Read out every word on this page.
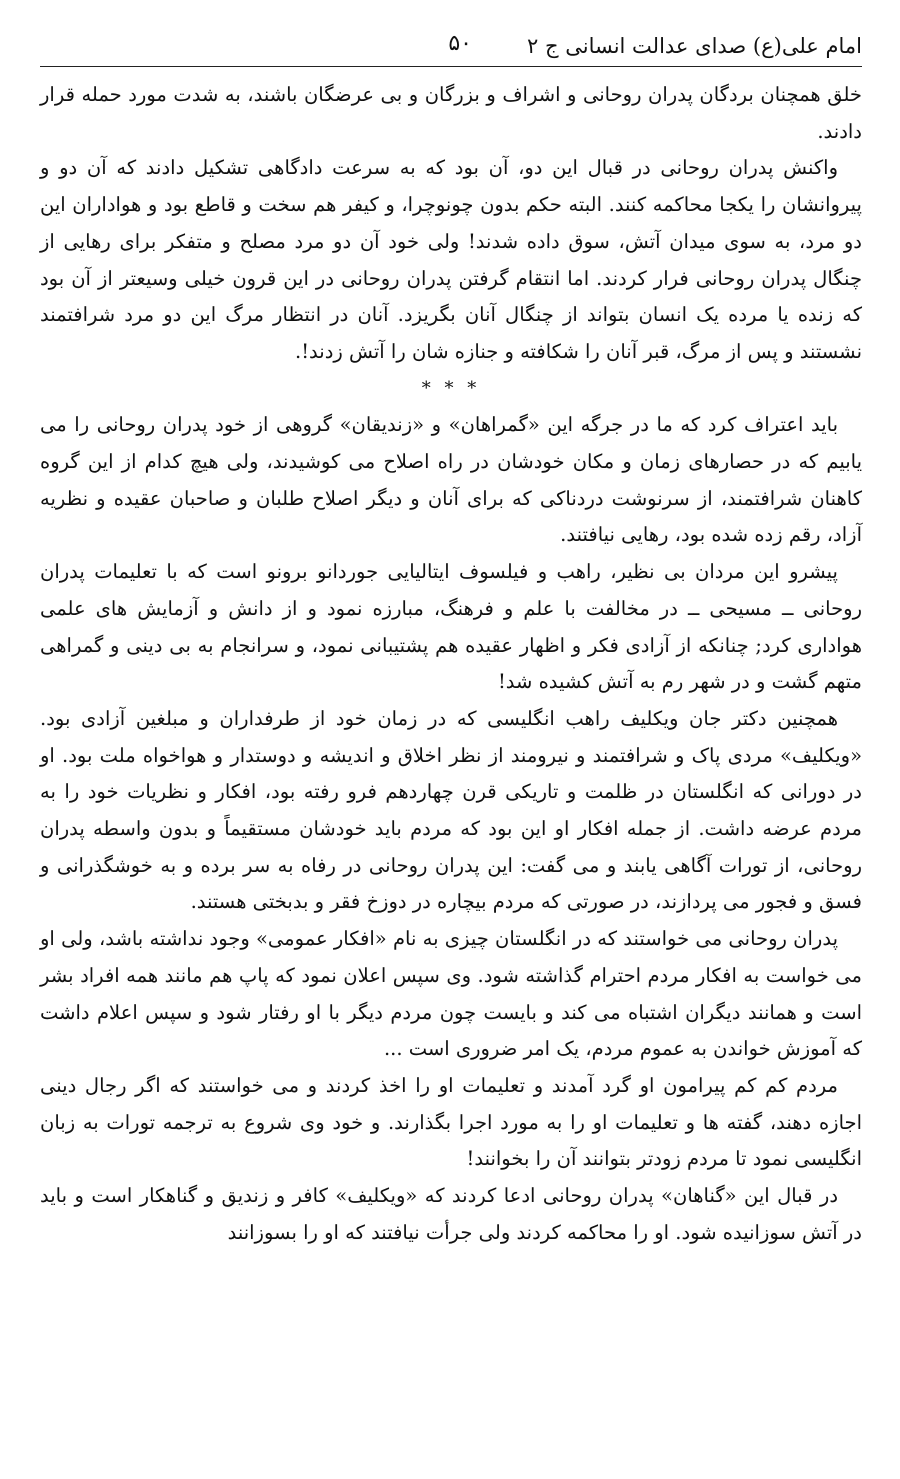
امام علی(ع) صدای عدالت انسانی ج ۲
۵۰

خلق همچنان بردگان پدران روحانی و اشراف و بزرگان و بی عرضگان باشند، به شدت مورد حمله قرار دادند.

واکنش پدران روحانی در قبال این دو، آن بود که به سرعت دادگاهی تشکیل دادند که آن دو و پیروانشان را یکجا محاکمه کنند. البته حکم بدون چونوچرا، و کیفر هم سخت و قاطع بود و هواداران این دو مرد، به سوی میدان آتش، سوق داده شدند! ولی خود آن دو مرد مصلح و متفکر برای رهایی از چنگال پدران روحانی فرار کردند. اما انتقام گرفتن پدران روحانی در این قرون خیلی وسیعتر از آن بود که زنده یا مرده یک انسان بتواند از چنگال آنان بگریزد. آنان در انتظار مرگ این دو مرد شرافتمند نشستند و پس از مرگ، قبر آنان را شکافته و جنازه شان را آتش زدند!.

* * *

باید اعتراف کرد که ما در جرگه این «گمراهان» و «زندیقان» گروهی از خود پدران روحانی را می یابیم که در حصارهای زمان و مکان خودشان در راه اصلاح می کوشیدند، ولی هیچ کدام از این گروه کاهنان شرافتمند، از سرنوشت دردناکی که برای آنان و دیگر اصلاح طلبان و صاحبان عقیده و نظریه آزاد، رقم زده شده بود، رهایی نیافتند.

پیشرو این مردان بی نظیر، راهب و فیلسوف ایتالیایی جوردانو برونو است که با تعلیمات پدران روحانی ــ مسیحی ــ در مخالفت با علم و فرهنگ، مبارزه نمود و از دانش و آزمایش های علمی هواداری کرد; چنانکه از آزادی فکر و اظهار عقیده هم پشتیبانی نمود، و سرانجام به بی دینی و گمراهی متهم گشت و در شهر رم به آتش کشیده شد!

همچنین دکتر جان ویکلیف راهب انگلیسی که در زمان خود از طرفداران و مبلغین آزادی بود. «ویکلیف» مردی پاک و شرافتمند و نیرومند از نظر اخلاق و اندیشه و دوستدار و هواخواه ملت بود. او در دورانی که انگلستان در ظلمت و تاریکی قرن چهاردهم فرو رفته بود، افکار و نظریات خود را به مردم عرضه داشت. از جمله افکار او این بود که مردم باید خودشان مستقیماً و بدون واسطه پدران روحانی، از تورات آگاهی یابند و می گفت: این پدران روحانی در رفاه به سر برده و به خوشگذرانی و فسق و فجور می پردازند، در صورتی که مردم بیچاره در دوزخ فقر و بدبختی هستند.

پدران روحانی می خواستند که در انگلستان چیزی به نام «افکار عمومی» وجود نداشته باشد، ولی او می خواست به افکار مردم احترام گذاشته شود. وی سپس اعلان نمود که پاپ هم مانند همه افراد بشر است و همانند دیگران اشتباه می کند و بایست چون مردم دیگر با او رفتار شود و سپس اعلام داشت که آموزش خواندن به عموم مردم، یک امر ضروری است ...

مردم کم کم پیرامون او گرد آمدند و تعلیمات او را اخذ کردند و می خواستند که اگر رجال دینی اجازه دهند، گفته ها و تعلیمات او را به مورد اجرا بگذارند. و خود وی شروع به ترجمه تورات به زبان انگلیسی نمود تا مردم زودتر بتوانند آن را بخوانند!

در قبال این «گناهان» پدران روحانی ادعا کردند که «ویکلیف» کافر و زندیق و گناهکار است و باید در آتش سوزانیده شود. او را محاکمه کردند ولی جرأت نیافتند که او را بسوزانند
